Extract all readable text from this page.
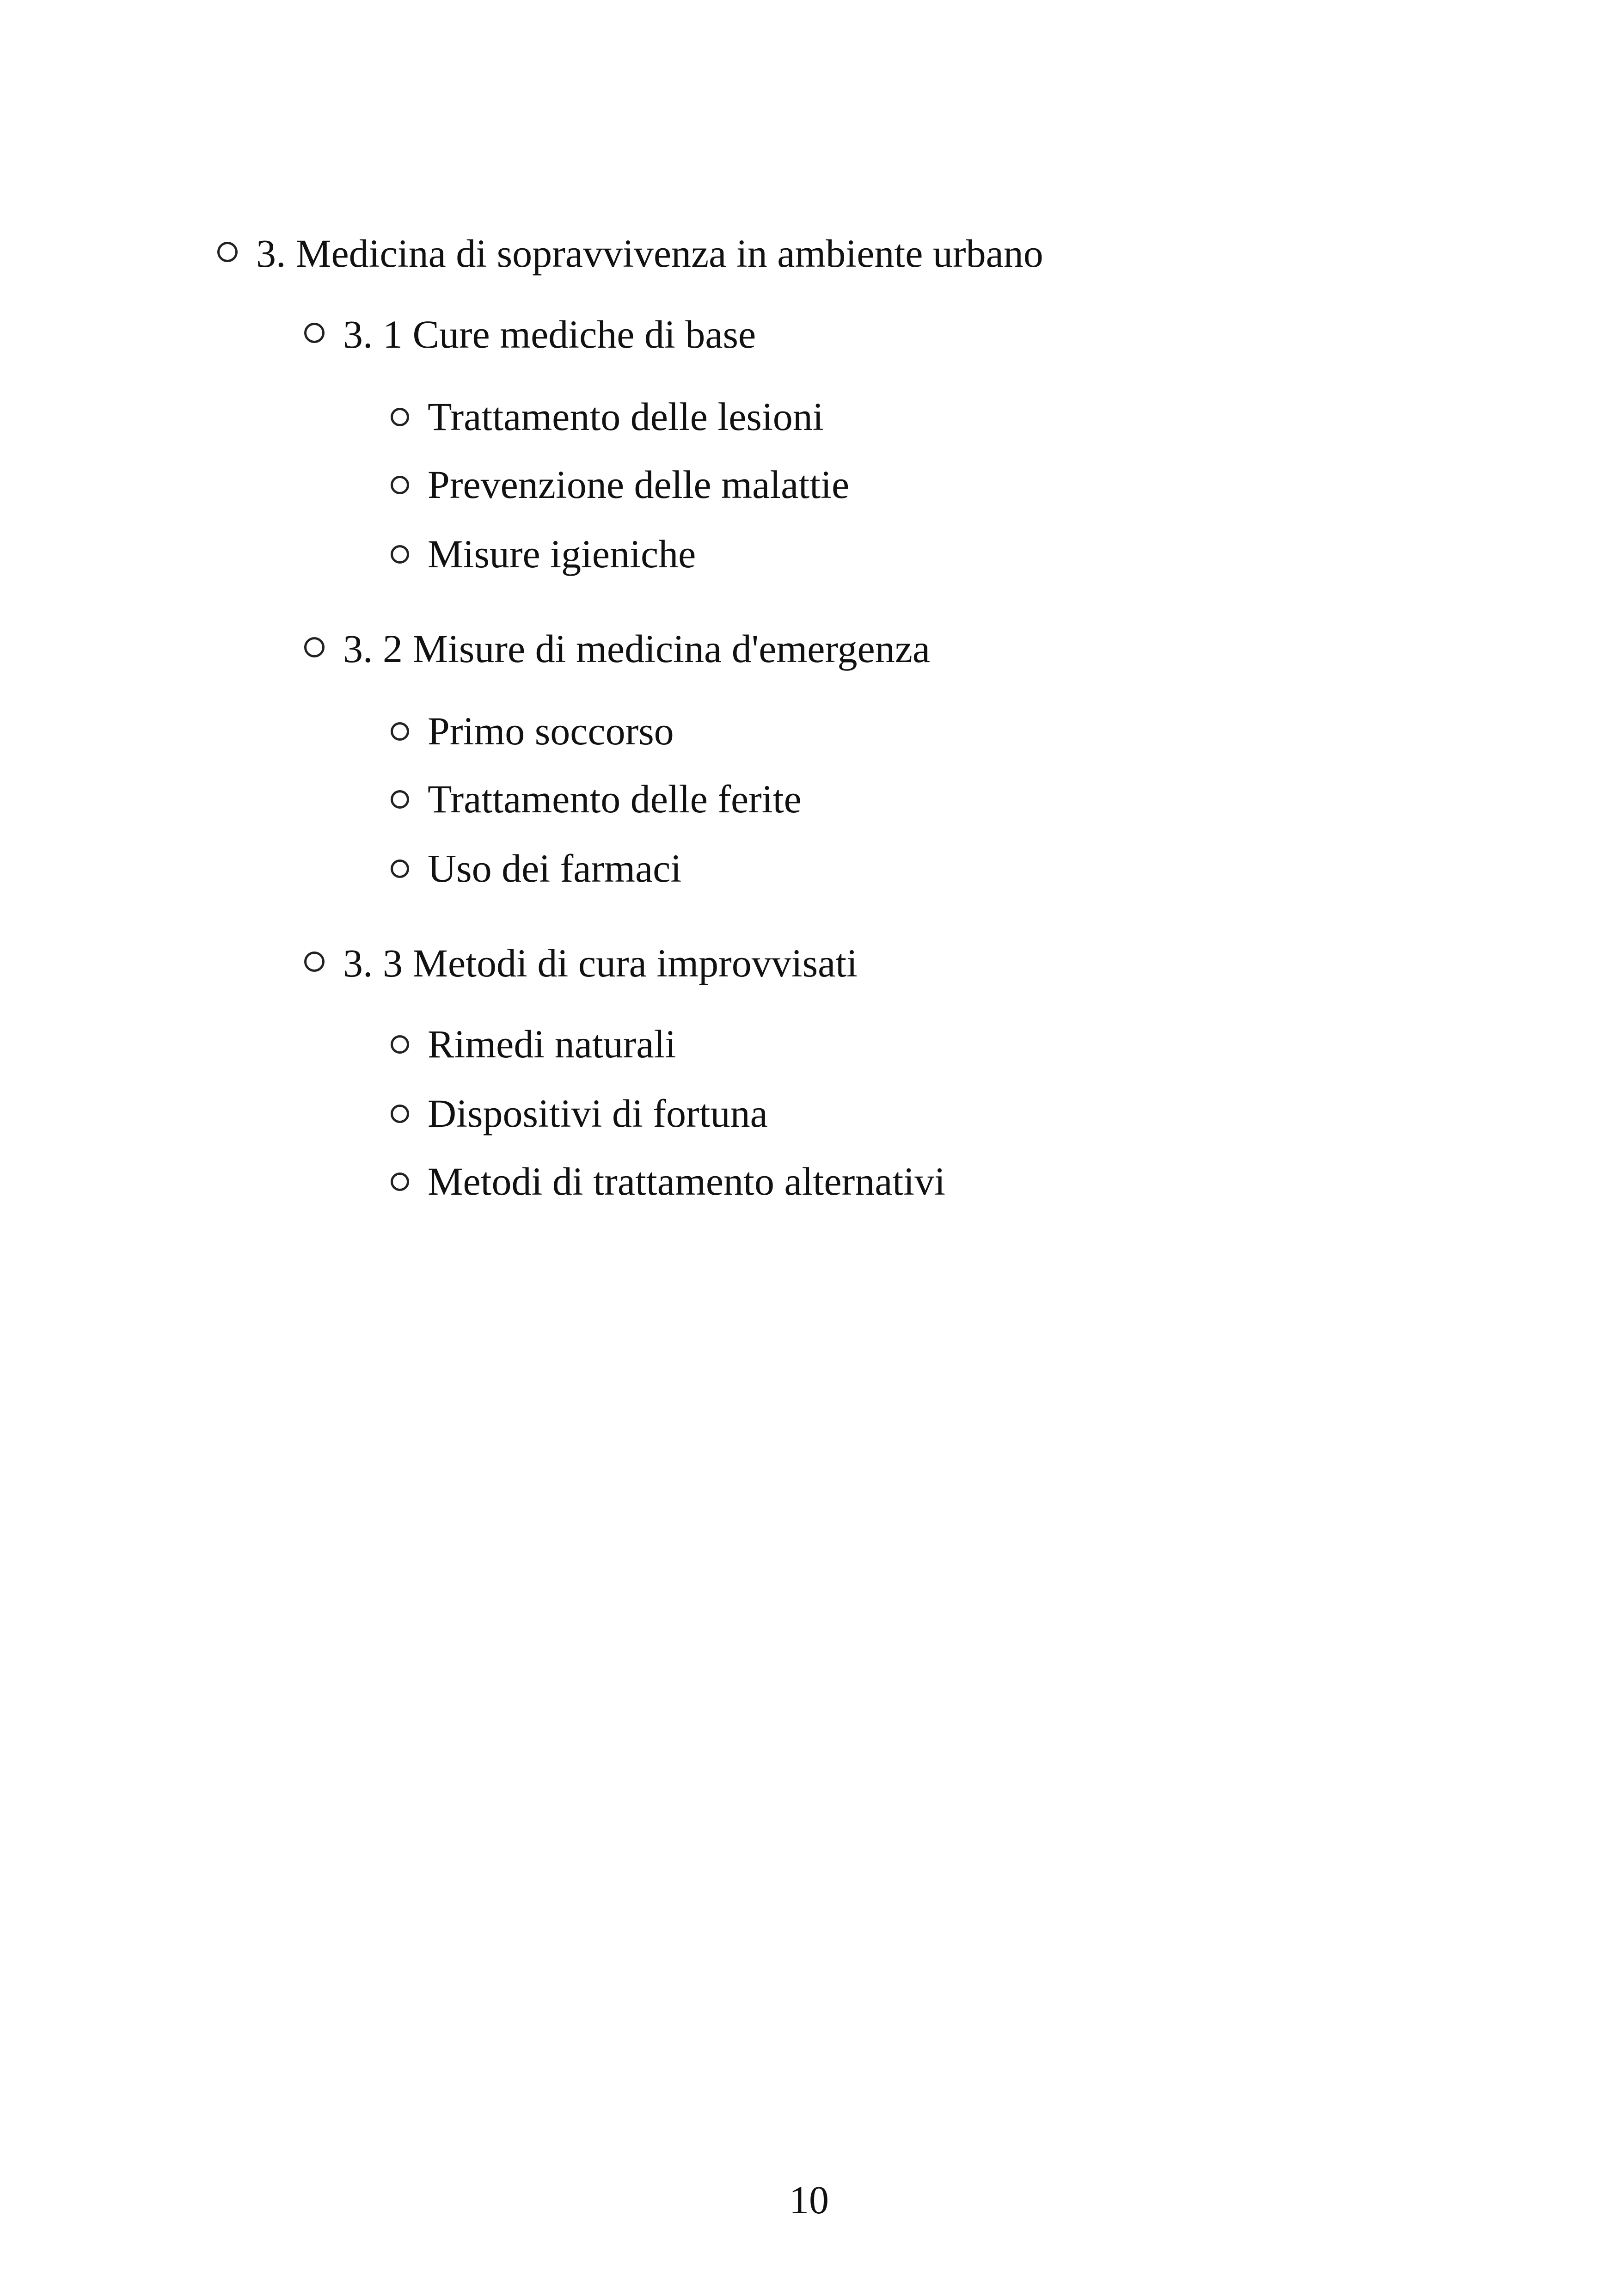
3. Medicina di sopravvivenza in ambiente urbano
3. 1 Cure mediche di base
Trattamento delle lesioni
Prevenzione delle malattie
Misure igieniche
3. 2 Misure di medicina d'emergenza
Primo soccorso
Trattamento delle ferite
Uso dei farmaci
3. 3 Metodi di cura improvvisati
Rimedi naturali
Dispositivi di fortuna
Metodi di trattamento alternativi
10
